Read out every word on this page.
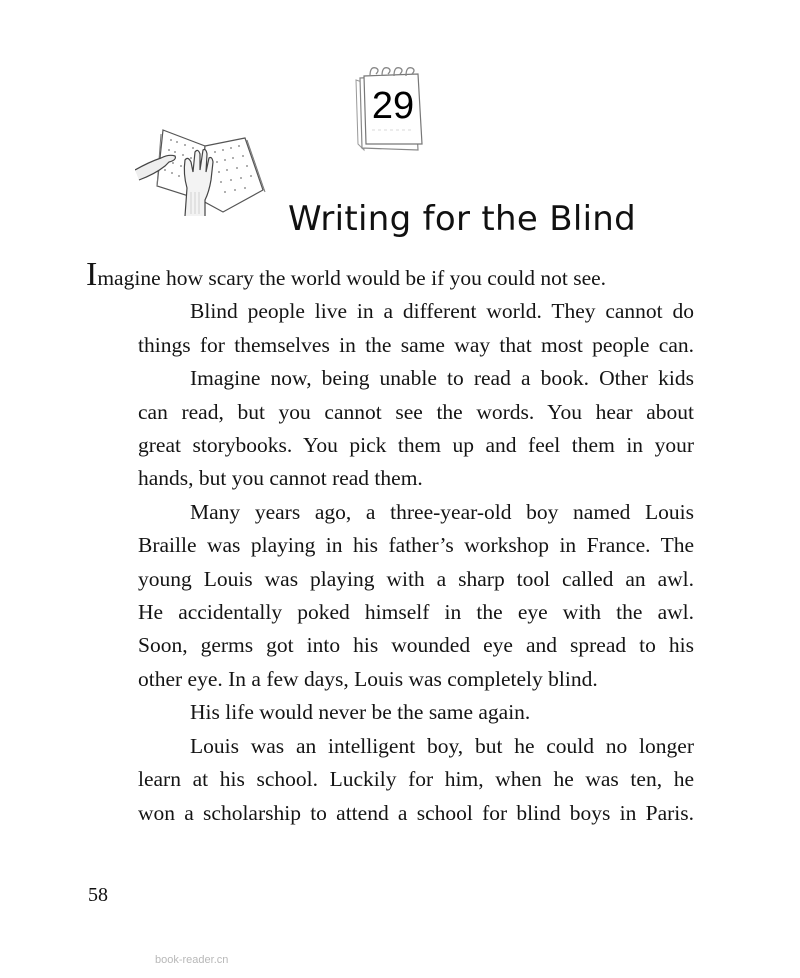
29
Writing for the Blind

Imagine how scary the world would be if you could not see.

Blind people live in a different world. They cannot do
things for themselves in the same way that most people can.

Imagine now, being unable to read a book. Other kids
can read, but you cannot see the words. You hear about
great storybooks. You pick them up and feel them in your
hands, but you cannot read them.

Many years ago, a three-year-old boy named Louis
Braille was playing in his father’s workshop in France. The
young Louis was playing with a sharp tool called an awl.
He accidentally poked himself in the eye with the awl.
Soon, germs got into his wounded eye and spread to his
other eye. In a few days, Louis was completely blind.

His life would never be the same again.

Louis was an intelligent boy, but he could no longer
learn at his school. Luckily for him, when he was ten, he
won a scholarship to attend a school for blind boys in Paris.

58
book-reader.cn
